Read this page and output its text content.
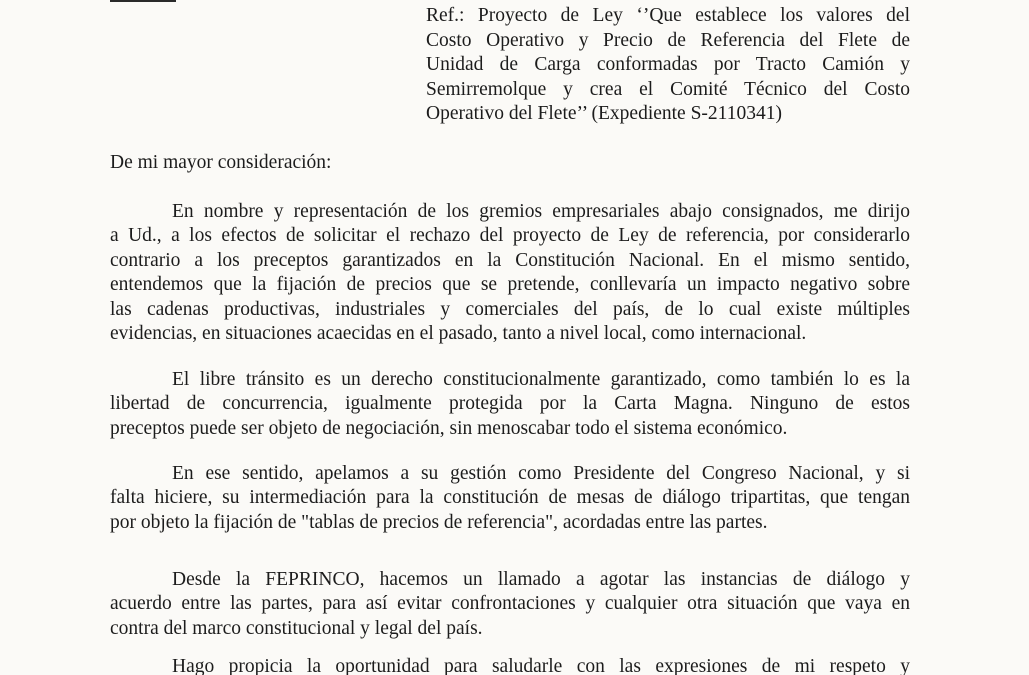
Ref.: Proyecto de Ley ‘’Que establece los valores del
Costo Operativo y Precio de Referencia del Flete de
Unidad de Carga conformadas por Tracto Camión y
Semirremolque y crea el Comité Técnico del Costo
Operativo del Flete’’ (Expediente S-2110341)
De mi mayor consideración:
En nombre y representación de los gremios empresariales abajo consignados, me dirijo
a Ud., a los efectos de solicitar el rechazo del proyecto de Ley de referencia, por considerarlo
contrario a los preceptos garantizados en la Constitución Nacional. En el mismo sentido,
entendemos que la fijación de precios que se pretende, conllevaría un impacto negativo sobre
las cadenas productivas, industriales y comerciales del país, de lo cual existe múltiples
evidencias, en situaciones acaecidas en el pasado, tanto a nivel local, como internacional.
El libre tránsito es un derecho constitucionalmente garantizado, como también lo es la
libertad de concurrencia, igualmente protegida por la Carta Magna. Ninguno de estos
preceptos puede ser objeto de negociación, sin menoscabar todo el sistema económico.
En ese sentido, apelamos a su gestión como Presidente del Congreso Nacional, y si
falta hiciere, su intermediación para la constitución de mesas de diálogo tripartitas, que tengan
por objeto la fijación de "tablas de precios de referencia", acordadas entre las partes.
Desde la FEPRINCO, hacemos un llamado a agotar las instancias de diálogo y
acuerdo entre las partes, para así evitar confrontaciones y cualquier otra situación que vaya en
contra del marco constitucional y legal del país.
Hago propicia la oportunidad para saludarle con las expresiones de mi respeto y
